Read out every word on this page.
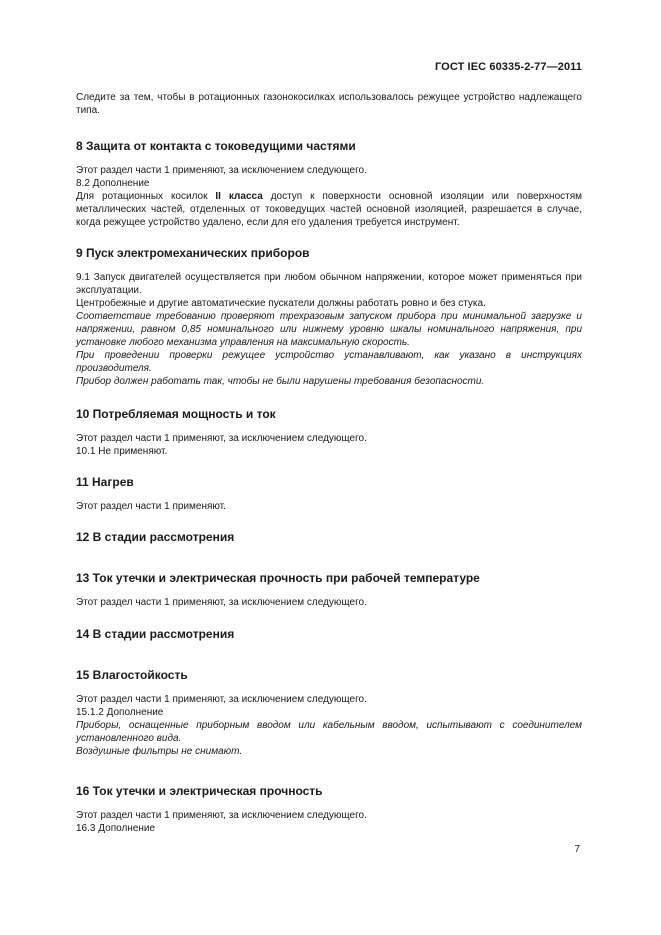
ГОСТ IEC 60335-2-77—2011

Следите за тем, чтобы в ротационных газонокосилках использовалось режущее устройство надлежащего типа.

8 Защита от контакта с токоведущими частями

Этот раздел части 1 применяют, за исключением следующего.

8.2 Дополнение

Для ротационных косилок II класса доступ к поверхности основной изоляции или поверхностям металлических частей, отделенных от токоведущих частей основной изоляцией, разрешается в случае, когда режущее устройство удалено, если для его удаления требуется инструмент.

9 Пуск электромеханических приборов

9.1 Запуск двигателей осуществляется при любом обычном напряжении, которое может применяться при эксплуатации.

Центробежные и другие автоматические пускатели должны работать ровно и без стука.

Соответствие требованию проверяют трехразовым запуском прибора при минимальной загрузке и напряжении, равном 0,85 номинального или нижнему уровню шкалы номинального напряжения, при установке любого механизма управления на максимальную скорость.

При проведении проверки режущее устройство устанавливают, как указано в инструкциях производителя.

Прибор должен работать так, чтобы не были нарушены требования безопасности.

10 Потребляемая мощность и ток

Этот раздел части 1 применяют, за исключением следующего.

10.1 Не применяют.

11 Нагрев

Этот раздел части 1 применяют.

12 В стадии рассмотрения
13 Ток утечки и электрическая прочность при рабочей температуре

Этот раздел части 1 применяют, за исключением следующего.

14 В стадии рассмотрения
15 Влагостойкость

Этот раздел части 1 применяют, за исключением следующего.

15.1.2 Дополнение

Приборы, оснащенные приборным вводом или кабельным вводом, испытывают с соединителем установленного вида.

Воздушные фильтры не снимают.

16 Ток утечки и электрическая прочность

Этот раздел части 1 применяют, за исключением следующего.

16.3 Дополнение

7
